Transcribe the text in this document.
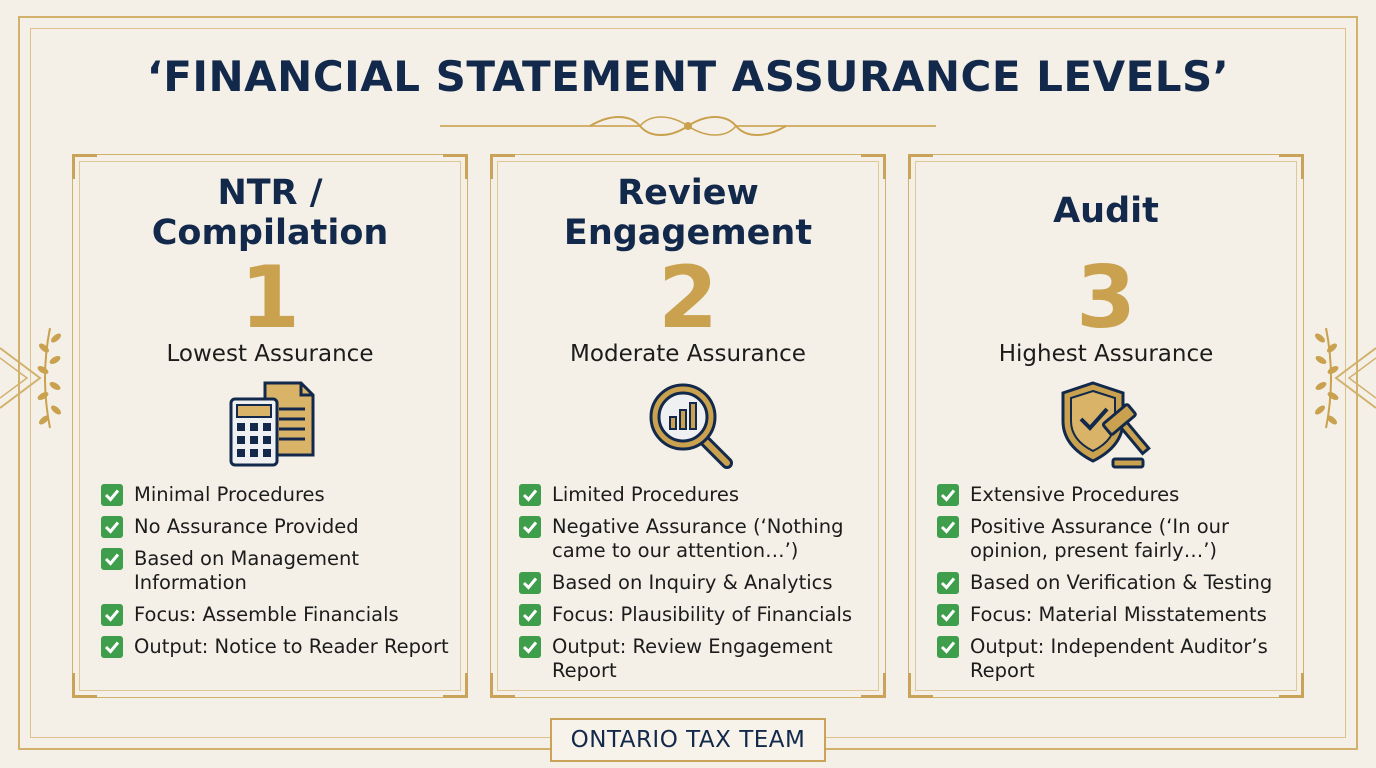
‘FINANCIAL STATEMENT ASSURANCE LEVELS’
NTR /
Compilation
1
Lowest Assurance
Minimal Procedures
No Assurance Provided
Based on Management Information
Focus: Assemble Financials
Output: Notice to Reader Report
Review
Engagement
2
Moderate Assurance
Limited Procedures
Negative Assurance (‘Nothing came to our attention…’)
Based on Inquiry & Analytics
Focus: Plausibility of Financials
Output: Review Engagement Report
Audit
3
Highest Assurance
Extensive Procedures
Positive Assurance (‘In our opinion, present fairly…’)
Based on Verification & Testing
Focus: Material Misstatements
Output: Independent Auditor’s Report
ONTARIO TAX TEAM
